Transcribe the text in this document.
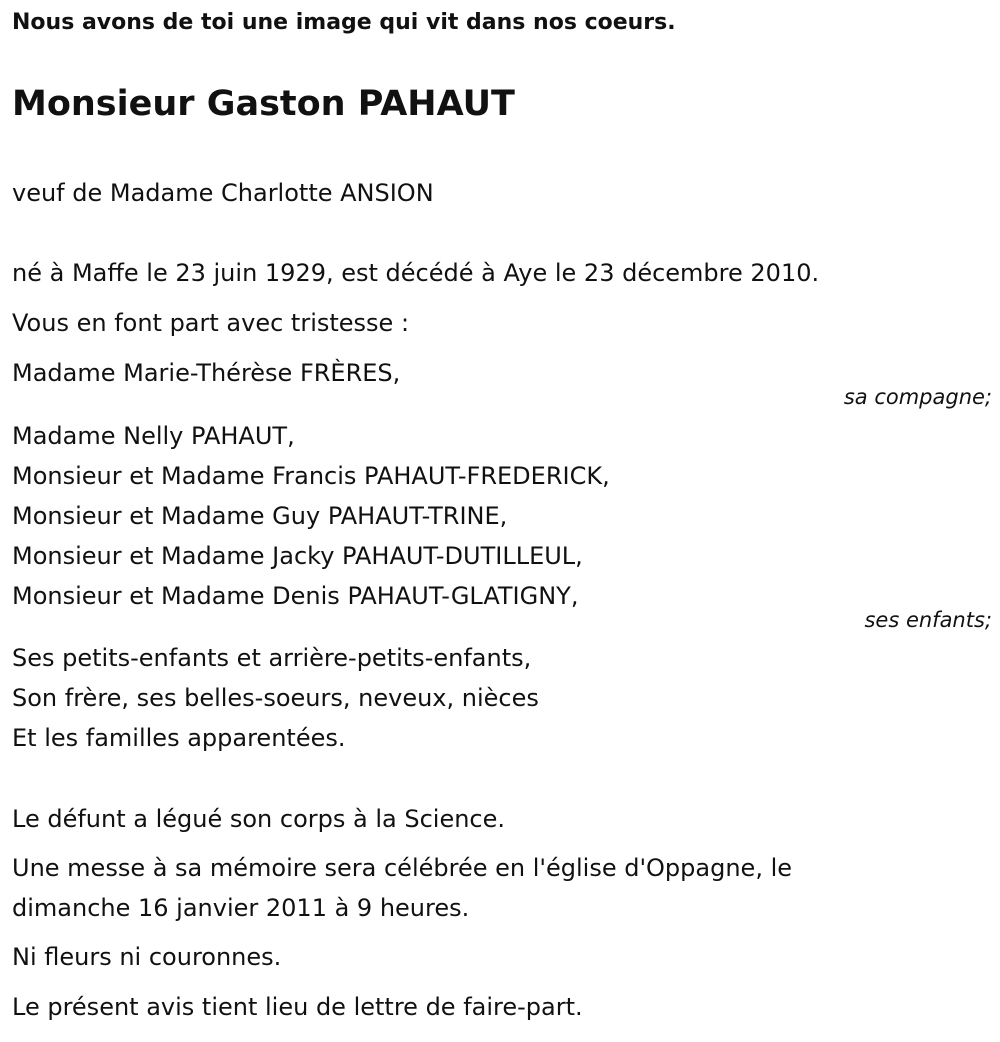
Nous avons de toi une image qui vit dans nos coeurs.
Monsieur Gaston PAHAUT
veuf de Madame Charlotte ANSION
né à Maffe le 23 juin 1929, est décédé à Aye le 23 décembre 2010.
Vous en font part avec tristesse :
Madame Marie-Thérèse FRÈRES,
sa compagne;
Madame Nelly PAHAUT,
Monsieur et Madame Francis PAHAUT-FREDERICK,
Monsieur et Madame Guy PAHAUT-TRINE,
Monsieur et Madame Jacky PAHAUT-DUTILLEUL,
Monsieur et Madame Denis PAHAUT-GLATIGNY,
ses enfants;
Ses petits-enfants et arrière-petits-enfants,
Son frère, ses belles-soeurs, neveux, nièces
Et les familles apparentées.
Le défunt a légué son corps à la Science.
Une messe à sa mémoire sera célébrée en l'église d'Oppagne, le dimanche 16 janvier 2011 à 9 heures.
Ni fleurs ni couronnes.
Le présent avis tient lieu de lettre de faire-part.
